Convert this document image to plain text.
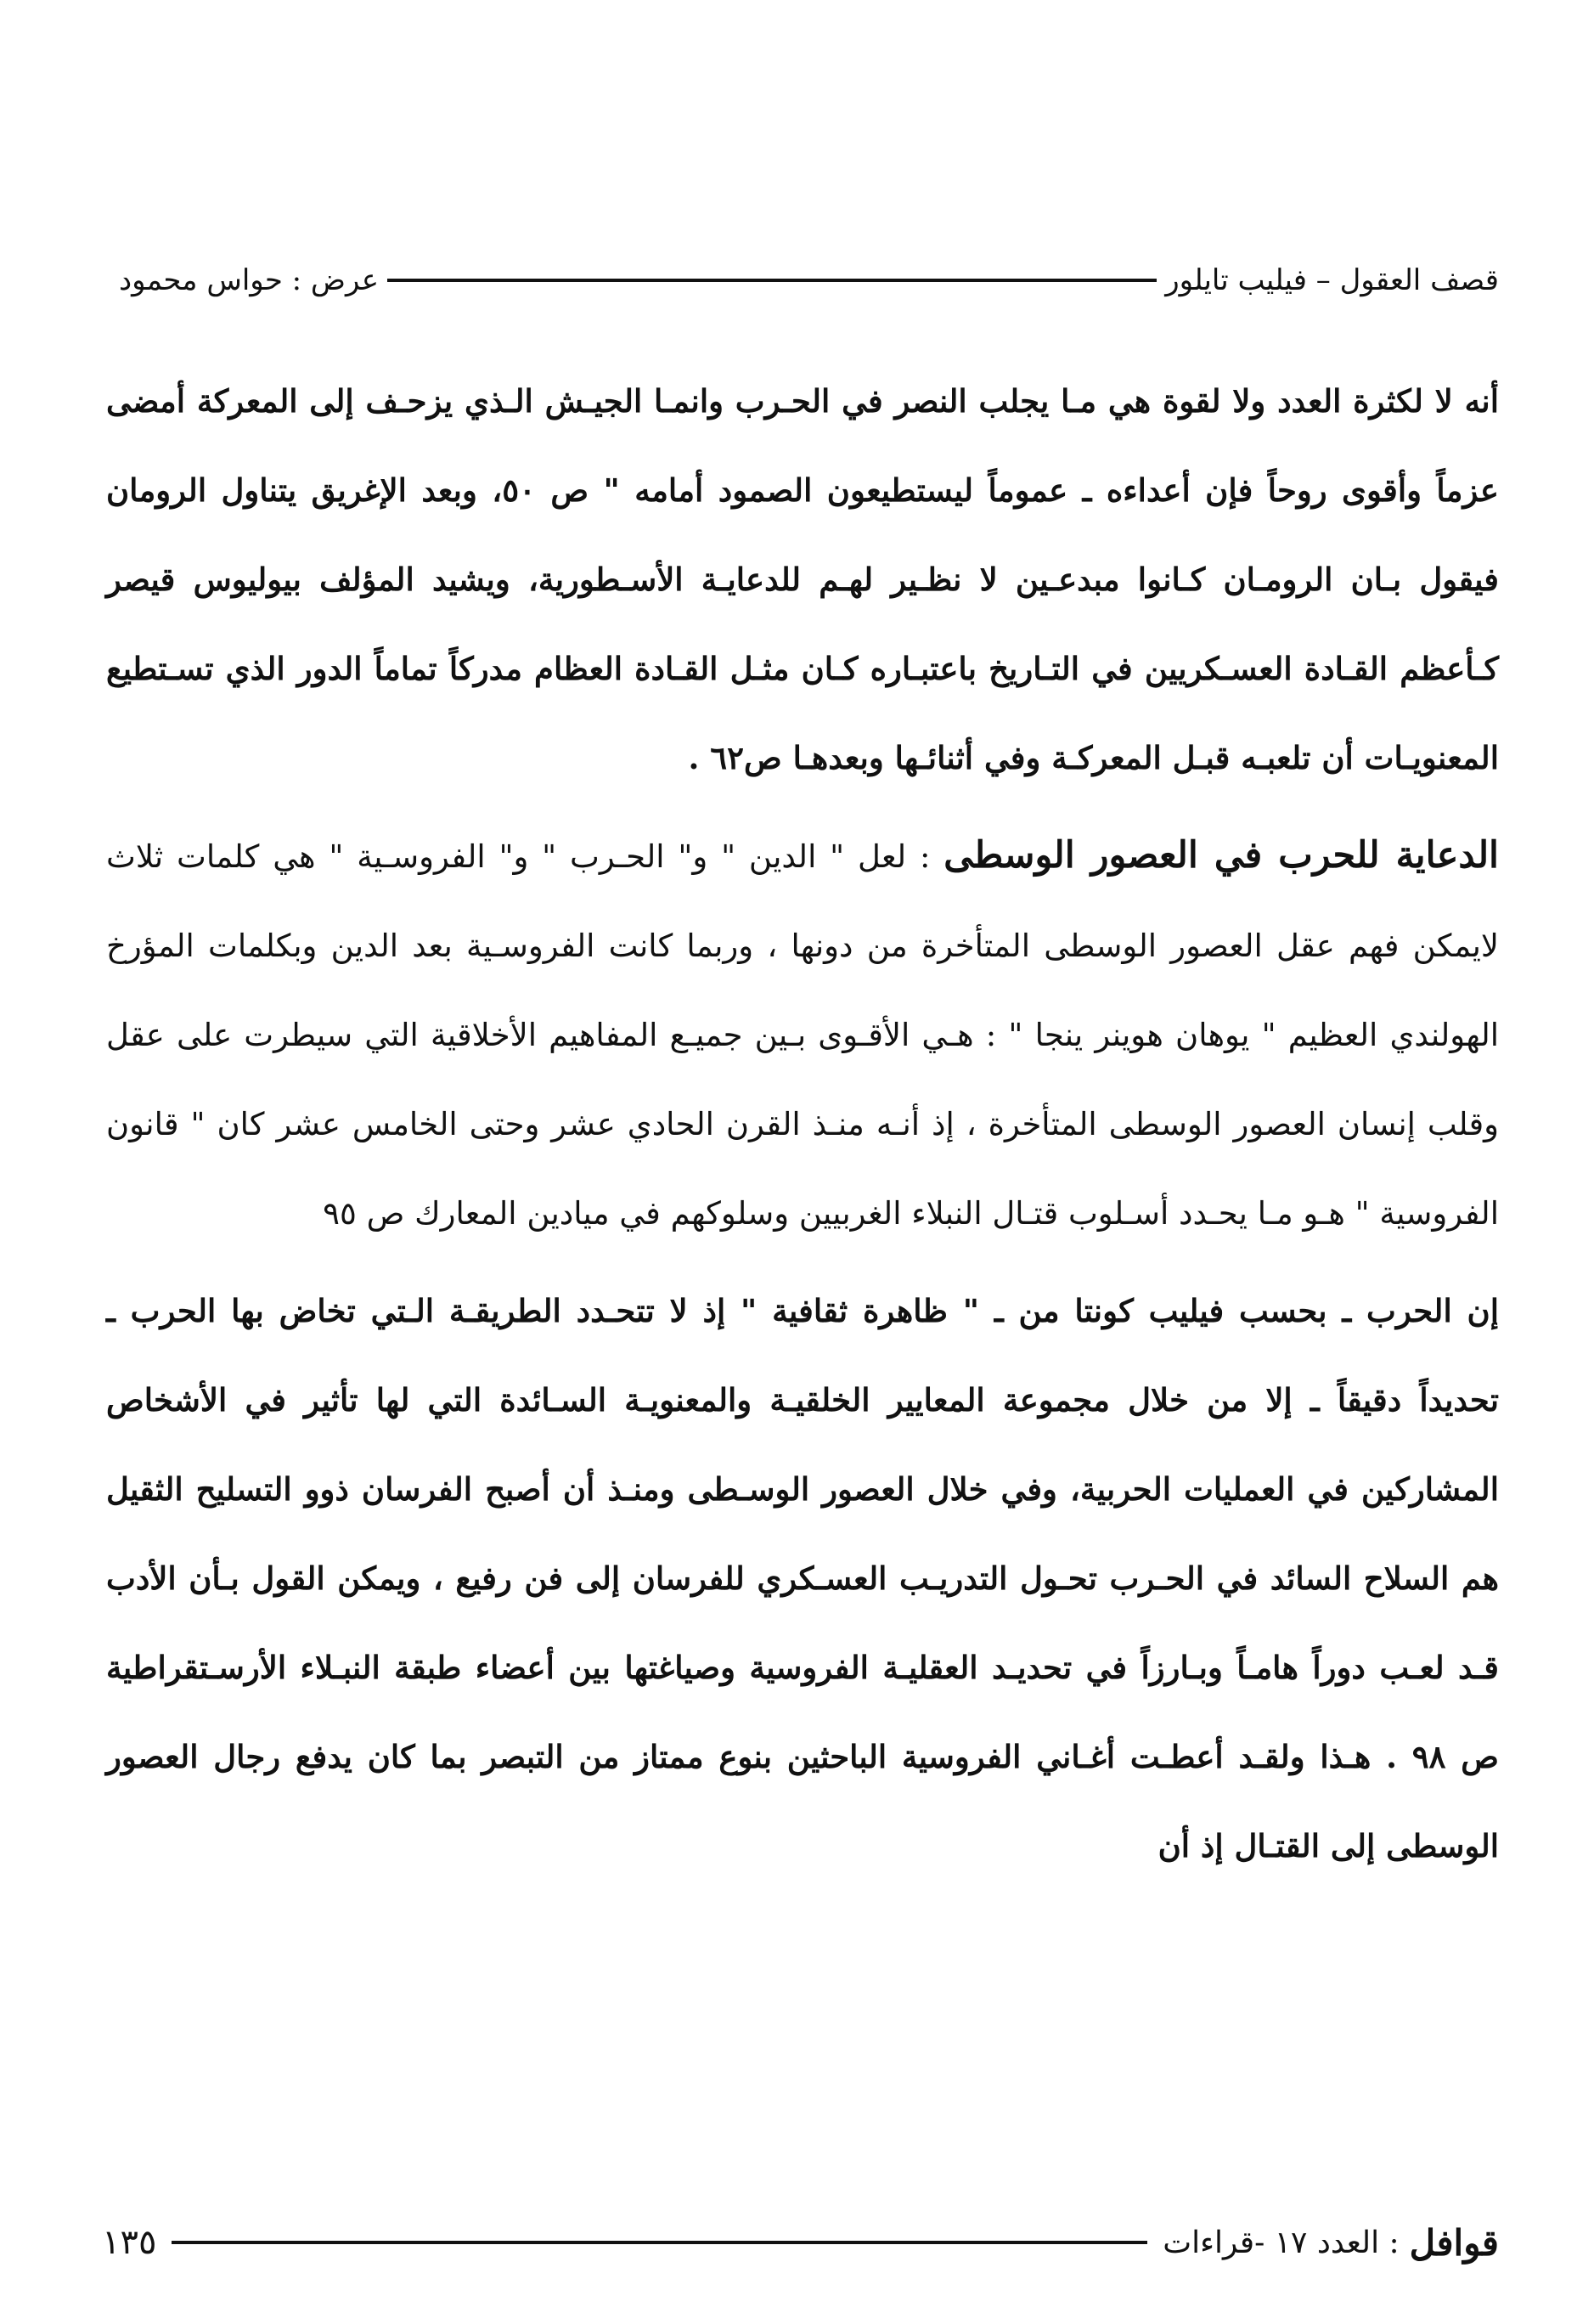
قصف العقول – فيليب تايلور
عرض : حواس محمود

أنه لا لكثرة العدد ولا لقوة هي مـا يجلب النصر في الحـرب وانمـا الجيـش الـذي يزحـف إلى المعركة أمضى عزماً وأقوى روحاً فإن أعداءه ـ عموماً ليستطيعون الصمود أمامه " ص ٥٠، وبعد الإغريق يتناول الرومان فيقول بـان الرومـان كـانوا مبدعـين لا نظـير لهـم للدعايـة الأسـطورية، ويشيد المؤلف بيوليوس قيصر كـأعظم القـادة العسـكريين في التـاريخ باعتبـاره كـان مثـل القـادة العظام مدركاً تماماً الدور الذي تسـتطيع المعنويـات أن تلعبـه قبـل المعركـة وفي أثنائـها وبعدهـا ص٦٢ .

الدعاية للحرب في العصور الوسطى : لعل " الدين " و" الحـرب " و" الفروسـية " هي كلمات ثلاث لايمكن فهم عقل العصور الوسطى المتأخرة من دونها ، وربما كانت الفروسـية بعد الدين وبكلمات المؤرخ الهولندي العظيم " يوهان هوينر ينجا " : هـي الأقـوى بـين جميـع المفاهيم الأخلاقية التي سيطرت على عقل وقلب إنسان العصور الوسطى المتأخرة ، إذ أنـه منـذ القرن الحادي عشر وحتى الخامس عشر كان " قانون الفروسية " هـو مـا يحـدد أسـلوب قتـال النبلاء الغربيين وسلوكهم في ميادين المعارك ص ٩٥

إن الحرب ـ بحسب فيليب كونتا من ـ " ظاهرة ثقافية " إذ لا تتحـدد الطريقـة الـتي تخاض بها الحرب ـ تحديداً دقيقاً ـ إلا من خلال مجموعة المعايير الخلقيـة والمعنويـة السـائدة التي لها تأثير في الأشخاص المشاركين في العمليات الحربية، وفي خلال العصور الوسـطى ومنـذ أن أصبح الفرسان ذوو التسليح الثقيل هم السلاح السائد في الحـرب تحـول التدريـب العسـكري للفرسان إلى فن رفيع ، ويمكن القول بـأن الأدب قـد لعـب دوراً هامـاً وبـارزاً في تحديـد العقليـة الفروسية وصياغتها بين أعضاء طبقة النبـلاء الأرسـتقراطية ص ٩٨ . هـذا ولقـد أعطـت أغـاني الفروسية الباحثين بنوع ممتاز من التبصر بما كان يدفع رجال العصور الوسطى إلى القتـال إذ أن

قوافل
: العدد ١٧ -قراءات
١٣٥
